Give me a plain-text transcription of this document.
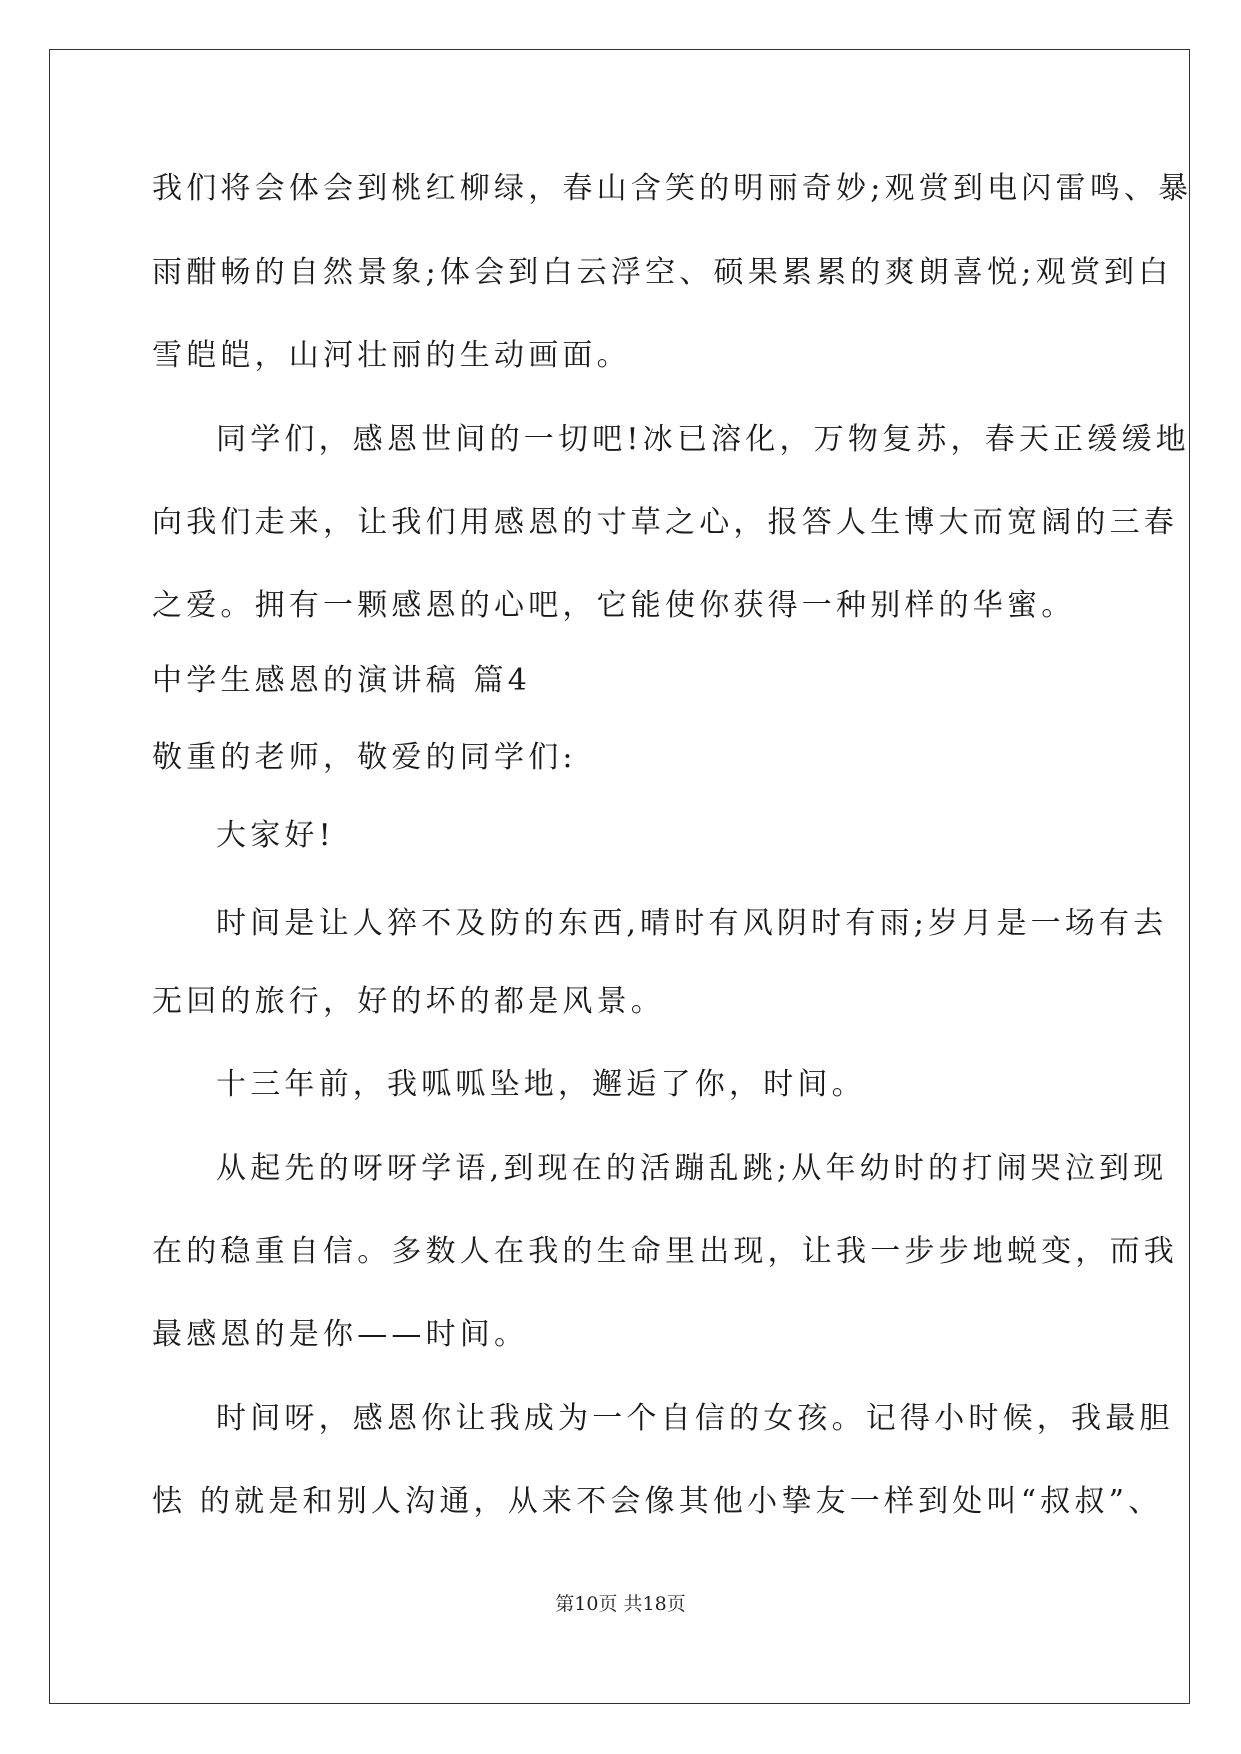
我们将会体会到桃红柳绿，春山含笑的明丽奇妙;观赏到电闪雷鸣、暴

雨酣畅的自然景象;体会到白云浮空、硕果累累的爽朗喜悦;观赏到白

雪皑皑，山河壮丽的生动画面。

同学们，感恩世间的一切吧!冰已溶化，万物复苏，春天正缓缓地

向我们走来，让我们用感恩的寸草之心，报答人生博大而宽阔的三春

之爱。拥有一颗感恩的心吧，它能使你获得一种别样的华蜜。

中学生感恩的演讲稿 篇4

敬重的老师，敬爱的同学们:

大家好!

时间是让人猝不及防的东西,晴时有风阴时有雨;岁月是一场有去

无回的旅行，好的坏的都是风景。

十三年前，我呱呱坠地，邂逅了你，时间。

从起先的呀呀学语,到现在的活蹦乱跳;从年幼时的打闹哭泣到现

在的稳重自信。多数人在我的生命里出现，让我一步步地蜕变，而我

最感恩的是你——时间。

时间呀，感恩你让我成为一个自信的女孩。记得小时候，我最胆

怯 的就是和别人沟通，从来不会像其他小挚友一样到处叫“叔叔”、

第10页 共18页
